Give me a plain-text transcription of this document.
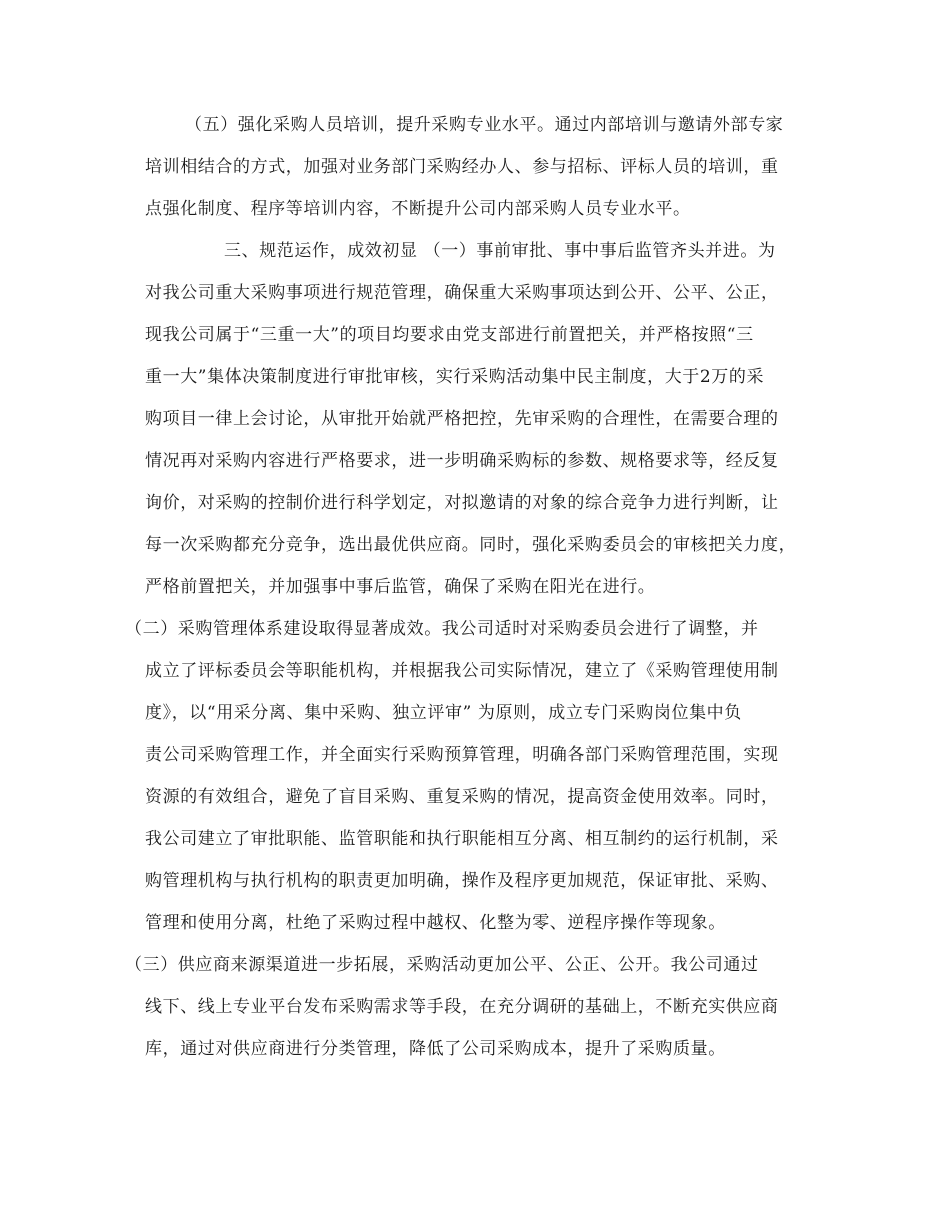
（五）强化采购人员培训，提升采购专业水平。通过内部培训与邀请外部专家
培训相结合的方式，加强对业务部门采购经办人、参与招标、评标人员的培训，重
点强化制度、程序等培训内容，不断提升公司内部采购人员专业水平。
三、规范运作，成效初显 （一）事前审批、事中事后监管齐头并进。为
对我公司重大采购事项进行规范管理，确保重大采购事项达到公开、公平、公正，
现我公司属于“三重一大”的项目均要求由党支部进行前置把关，并严格按照“三
重一大”集体决策制度进行审批审核，实行采购活动集中民主制度，大于2万的采
购项目一律上会讨论，从审批开始就严格把控，先审采购的合理性，在需要合理的
情况再对采购内容进行严格要求，进一步明确采购标的参数、规格要求等，经反复
询价，对采购的控制价进行科学划定，对拟邀请的对象的综合竞争力进行判断，让
每一次采购都充分竞争，选出最优供应商。同时，强化采购委员会的审核把关力度，
严格前置把关，并加强事中事后监管，确保了采购在阳光在进行。
（二）采购管理体系建设取得显著成效。我公司适时对采购委员会进行了调整，并
成立了评标委员会等职能机构，并根据我公司实际情况，建立了《采购管理使用制
度》，以“用采分离、集中采购、独立评审” 为原则，成立专门采购岗位集中负
责公司采购管理工作，并全面实行采购预算管理，明确各部门采购管理范围，实现
资源的有效组合，避免了盲目采购、重复采购的情况，提高资金使用效率。同时，
我公司建立了审批职能、监管职能和执行职能相互分离、相互制约的运行机制，采
购管理机构与执行机构的职责更加明确，操作及程序更加规范，保证审批、采购、
管理和使用分离，杜绝了采购过程中越权、化整为零、逆程序操作等现象。
（三）供应商来源渠道进一步拓展，采购活动更加公平、公正、公开。我公司通过
线下、线上专业平台发布采购需求等手段，在充分调研的基础上，不断充实供应商
库，通过对供应商进行分类管理，降低了公司采购成本，提升了采购质量。
